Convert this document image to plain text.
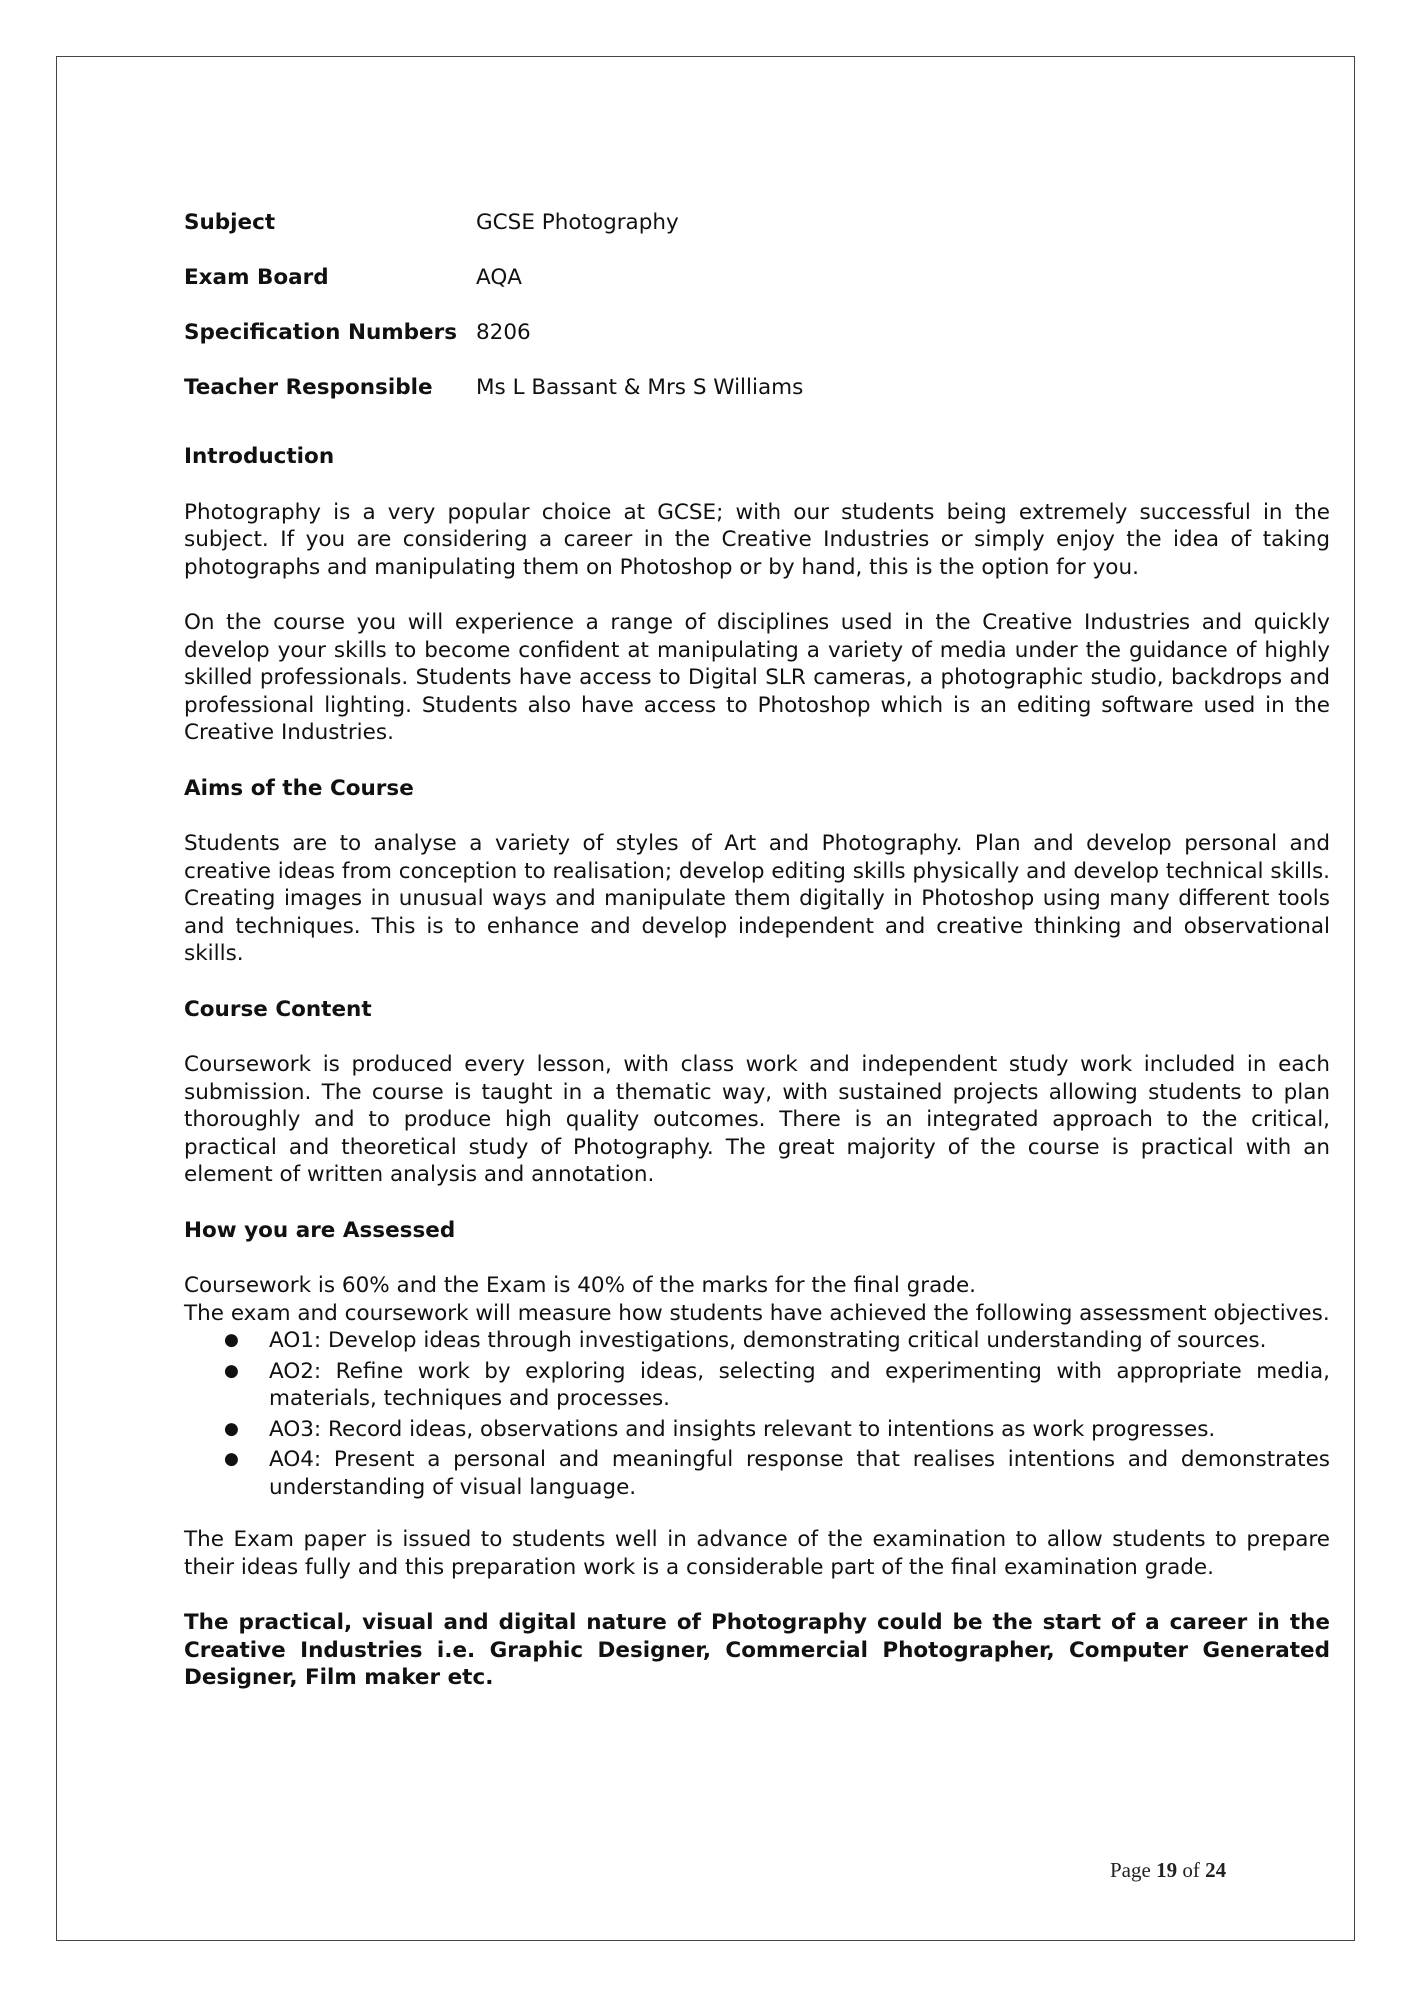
Subject	GCSE Photography
Exam Board	AQA
Specification Numbers	8206
Teacher Responsible	Ms L Bassant & Mrs S Williams
Introduction

Photography is a very popular choice at GCSE; with our students being extremely successful in the subject. If you are considering a career in the Creative Industries or simply enjoy the idea of taking photographs and manipulating them on Photoshop or by hand, this is the option for you.

On the course you will experience a range of disciplines used in the Creative Industries and quickly develop your skills to become confident at manipulating a variety of media under the guidance of highly skilled professionals. Students have access to Digital SLR cameras, a photographic studio, backdrops and professional lighting. Students also have access to Photoshop which is an editing software used in the Creative Industries.

Aims of the Course

Students are to analyse a variety of styles of Art and Photography. Plan and develop personal and creative ideas from conception to realisation; develop editing skills physically and develop technical skills. Creating images in unusual ways and manipulate them digitally in Photoshop using many different tools and techniques. This is to enhance and develop independent and creative thinking and observational skills.

Course Content

Coursework is produced every lesson, with class work and independent study work included in each submission. The course is taught in a thematic way, with sustained projects allowing students to plan thoroughly and to produce high quality outcomes. There is an integrated approach to the critical, practical and theoretical study of Photography. The great majority of the course is practical with an element of written analysis and annotation.

How you are Assessed

Coursework is 60% and the Exam is 40% of the marks for the final grade.

The exam and coursework will measure how students have achieved the following assessment objectives.

● AO1: Develop ideas through investigations, demonstrating critical understanding of sources.
● AO2: Refine work by exploring ideas, selecting and experimenting with appropriate media, materials, techniques and processes.
● AO3: Record ideas, observations and insights relevant to intentions as work progresses.
● AO4: Present a personal and meaningful response that realises intentions and demonstrates understanding of visual language.

The Exam paper is issued to students well in advance of the examination to allow students to prepare their ideas fully and this preparation work is a considerable part of the final examination grade.

The practical, visual and digital nature of Photography could be the start of a career in the Creative Industries i.e. Graphic Designer, Commercial Photographer, Computer Generated Designer, Film maker etc.

Page 19 of 24
